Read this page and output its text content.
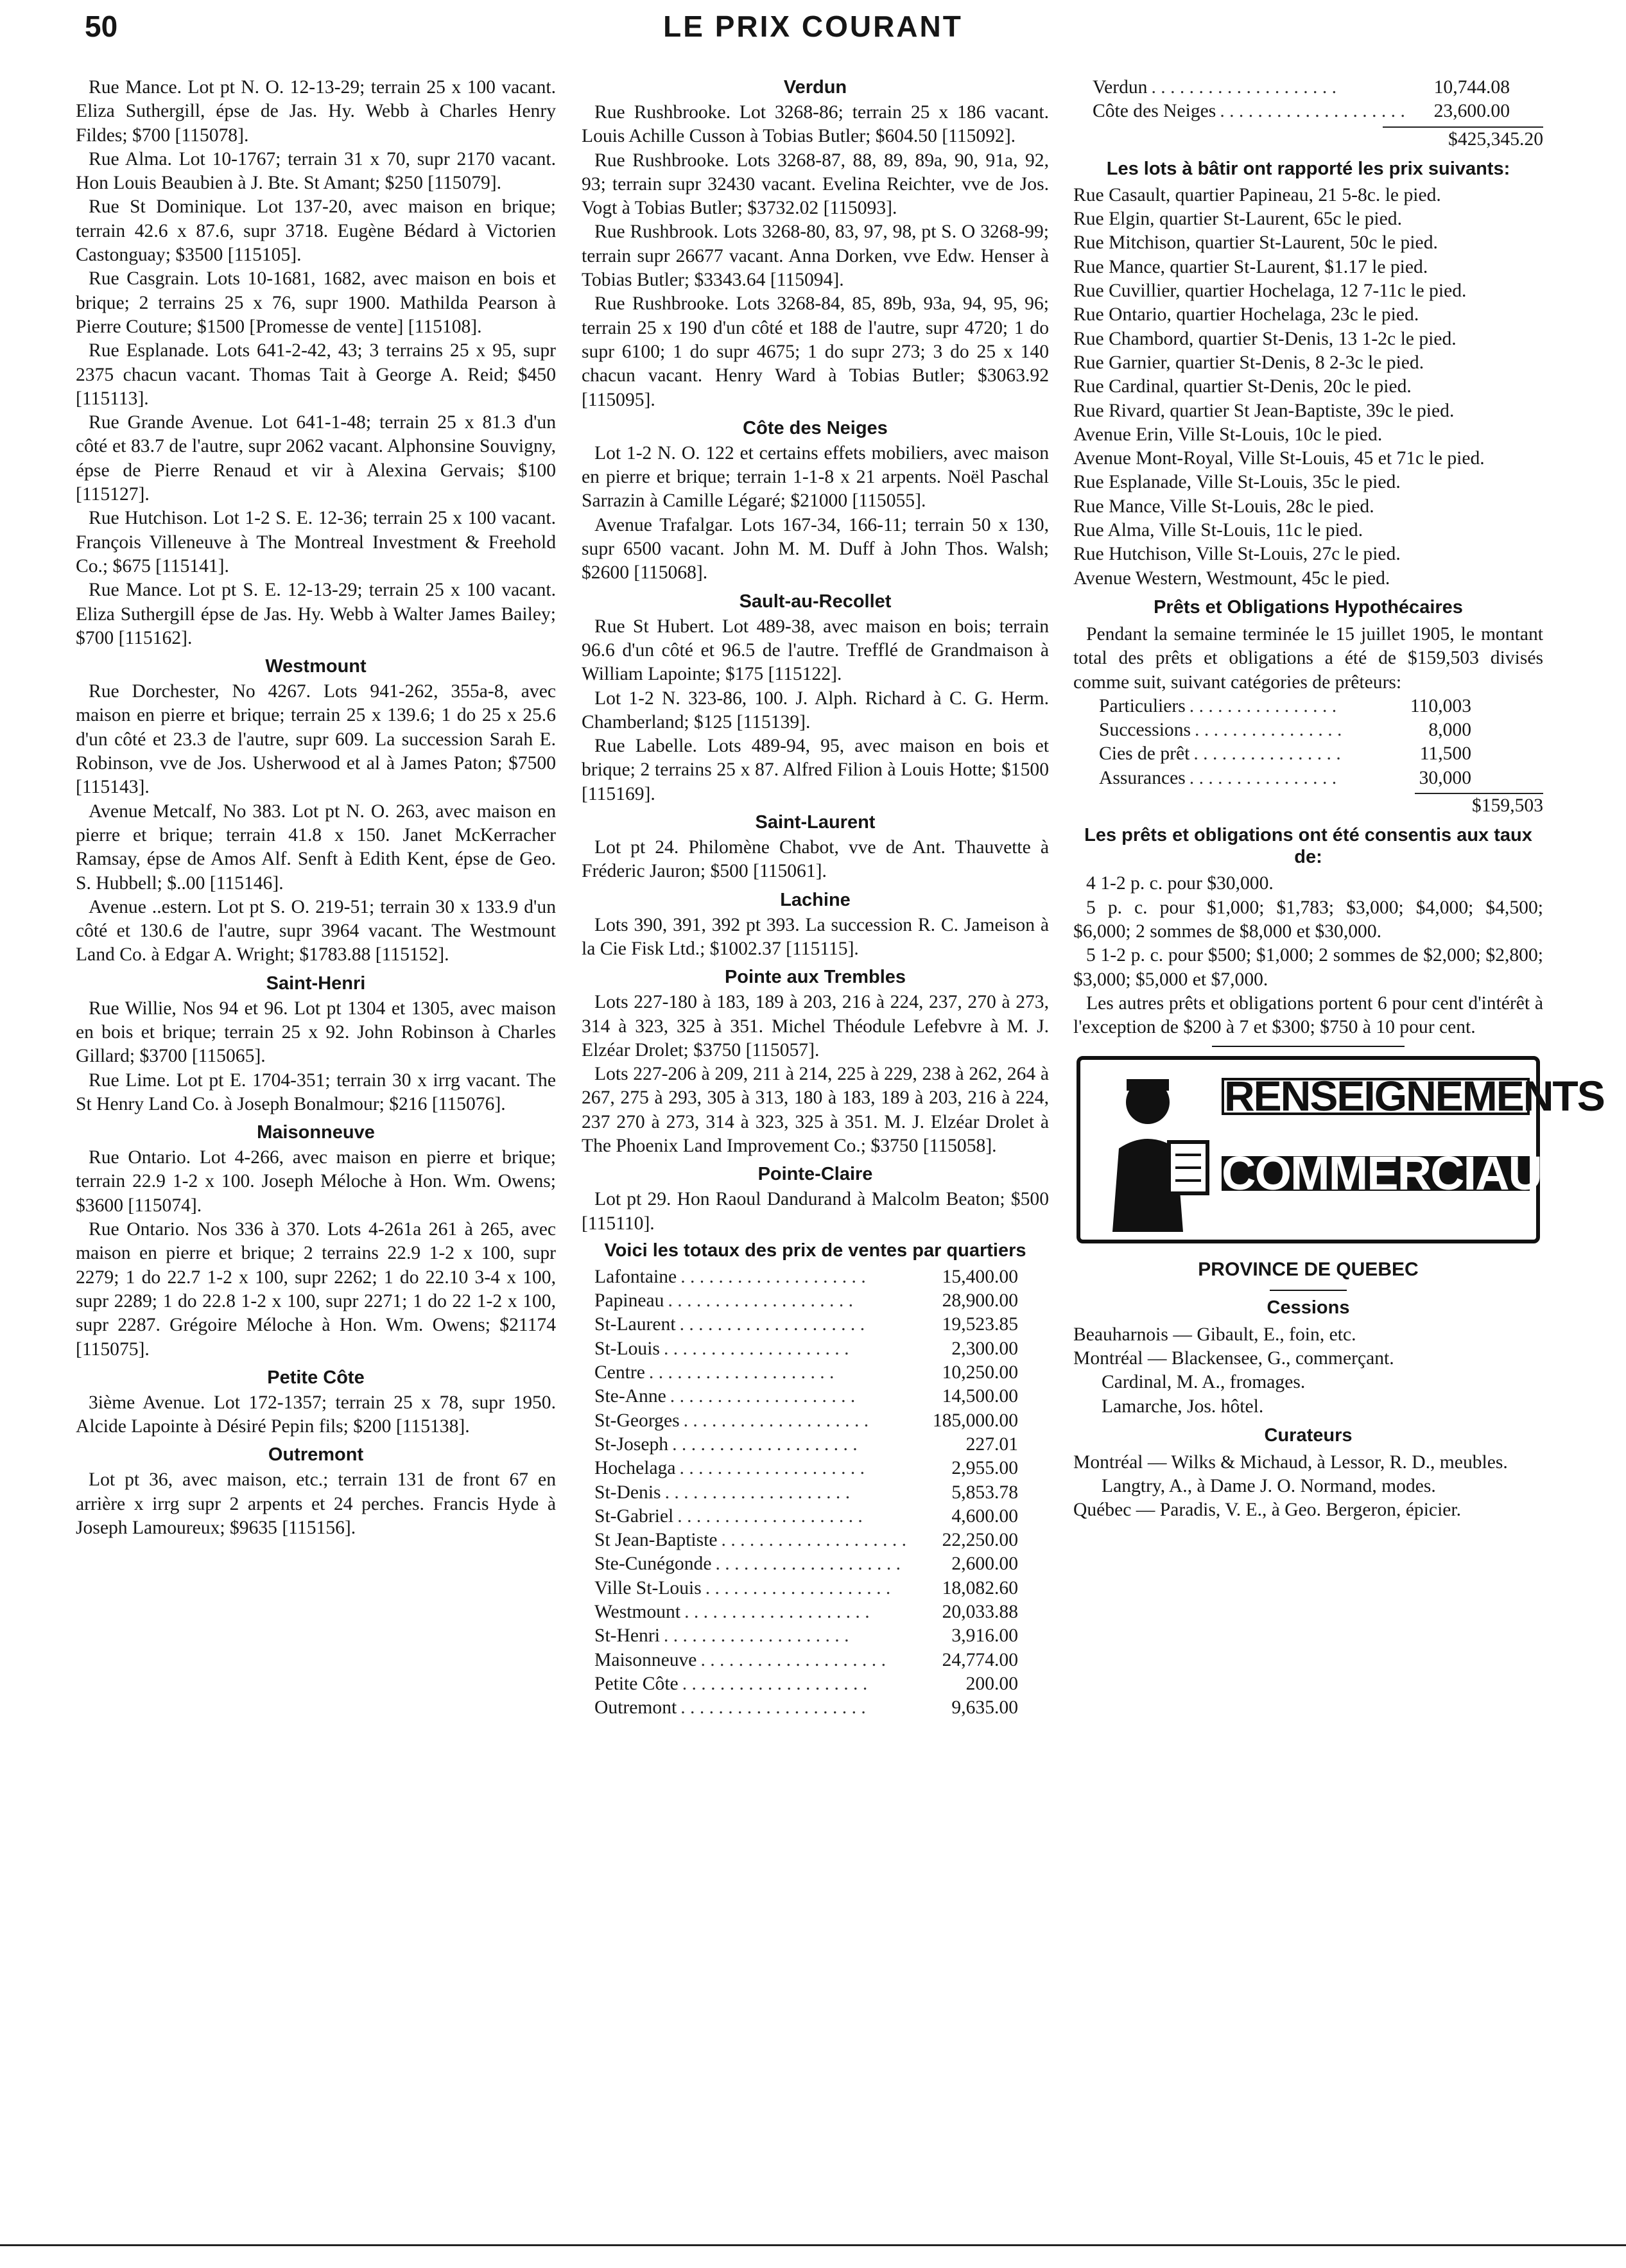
50	LE PRIX COURANT

Rue Mance. Lot pt N. O. 12-13-29; terrain 25 x 100 vacant. Eliza Suthergill, épse de Jas. Hy. Webb à Charles Henry Fildes; $700 [115078].

Rue Alma. Lot 10-1767; terrain 31 x 70, supr 2170 vacant. Hon Louis Beaubien à J. Bte. St Amant; $250 [115079].

Rue St Dominique. Lot 137-20, avec maison en brique; terrain 42.6 x 87.6, supr 3718. Eugène Bédard à Victorien Castonguay; $3500 [115105].

Rue Casgrain. Lots 10-1681, 1682, avec maison en bois et brique; 2 terrains 25 x 76, supr 1900. Mathilda Pearson à Pierre Couture; $1500 [Promesse de vente] [115108].

Rue Esplanade. Lots 641-2-42, 43; 3 terrains 25 x 95, supr 2375 chacun vacant. Thomas Tait à George A. Reid; $450 [115113].

Rue Grande Avenue. Lot 641-1-48; terrain 25 x 81.3 d'un côté et 83.7 de l'autre, supr 2062 vacant. Alphonsine Souvigny, épse de Pierre Renaud et vir à Alexina Gervais; $100 [115127].

Rue Hutchison. Lot 1-2 S. E. 12-36; terrain 25 x 100 vacant. François Villeneuve à The Montreal Investment & Freehold Co.; $675 [115141].

Rue Mance. Lot pt S. E. 12-13-29; terrain 25 x 100 vacant. Eliza Suthergill épse de Jas. Hy. Webb à Walter James Bailey; $700 [115162].

Westmount

Rue Dorchester, No 4267. Lots 941-262, 355a-8, avec maison en pierre et brique; terrain 25 x 139.6; 1 do 25 x 25.6 d'un côté et 23.3 de l'autre, supr 609. La succession Sarah E. Robinson, vve de Jos. Usherwood et al à James Paton; $7500 [115143].

Avenue Metcalf, No 383. Lot pt N. O. 263, avec maison en pierre et brique; terrain 41.8 x 150. Janet McKerracher Ramsay, épse de Amos Alf. Senft à Edith Kent, épse de Geo. S. Hubbell; $..00 [115146].

Avenue ..estern. Lot pt S. O. 219-51; terrain 30 x 133.9 d'un côté et 130.6 de l'autre, supr 3964 vacant. The Westmount Land Co. à Edgar A. Wright; $1783.88 [115152].

Saint-Henri

Rue Willie, Nos 94 et 96. Lot pt 1304 et 1305, avec maison en bois et brique; terrain 25 x 92. John Robinson à Charles Gillard; $3700 [115065].

Rue Lime. Lot pt E. 1704-351; terrain 30 x irrg vacant. The St Henry Land Co. à Joseph Bonalmour; $216 [115076].

Maisonneuve

Rue Ontario. Lot 4-266, avec maison en pierre et brique; terrain 22.9 1-2 x 100. Joseph Méloche à Hon. Wm. Owens; $3600 [115074].

Rue Ontario. Nos 336 à 370. Lots 4-261a 261 à 265, avec maison en pierre et brique; 2 terrains 22.9 1-2 x 100, supr 2279; 1 do 22.7 1-2 x 100, supr 2262; 1 do 22.10 3-4 x 100, supr 2289; 1 do 22.8 1-2 x 100, supr 2271; 1 do 22 1-2 x 100, supr 2287. Grégoire Méloche à Hon. Wm. Owens; $21174 [115075].

Petite Côte

3ième Avenue. Lot 172-1357; terrain 25 x 78, supr 1950. Alcide Lapointe à Désiré Pepin fils; $200 [115138].

Outremont

Lot pt 36, avec maison, etc.; terrain 131 de front 67 en arrière x irrg supr 2 arpents et 24 perches. Francis Hyde à Joseph Lamoureux; $9635 [115156].

Verdun

Rue Rushbrooke. Lot 3268-86; terrain 25 x 186 vacant. Louis Achille Cusson à Tobias Butler; $604.50 [115092].

Rue Rushbrooke. Lots 3268-87, 88, 89, 89a, 90, 91a, 92, 93; terrain supr 32430 vacant. Evelina Reichter, vve de Jos. Vogt à Tobias Butler; $3732.02 [115093].

Rue Rushbrook. Lots 3268-80, 83, 97, 98, pt S. O 3268-99; terrain supr 26677 vacant. Anna Dorken, vve Edw. Henser à Tobias Butler; $3343.64 [115094].

Rue Rushbrooke. Lots 3268-84, 85, 89b, 93a, 94, 95, 96; terrain 25 x 190 d'un côté et 188 de l'autre, supr 4720; 1 do supr 6100; 1 do supr 4675; 1 do supr 273; 3 do 25 x 140 chacun vacant. Henry Ward à Tobias Butler; $3063.92 [115095].

Côte des Neiges

Lot 1-2 N. O. 122 et certains effets mobiliers, avec maison en pierre et brique; terrain 1-1-8 x 21 arpents. Noël Paschal Sarrazin à Camille Légaré; $21000 [115055].

Avenue Trafalgar. Lots 167-34, 166-11; terrain 50 x 130, supr 6500 vacant. John M. M. Duff à John Thos. Walsh; $2600 [115068].

Sault-au-Recollet

Rue St Hubert. Lot 489-38, avec maison en bois; terrain 96.6 d'un côté et 96.5 de l'autre. Trefflé de Grandmaison à William Lapointe; $175 [115122].

Lot 1-2 N. 323-86, 100. J. Alph. Richard à C. G. Herm. Chamberland; $125 [115139].

Rue Labelle. Lots 489-94, 95, avec maison en bois et brique; 2 terrains 25 x 87. Alfred Filion à Louis Hotte; $1500 [115169].

Saint-Laurent

Lot pt 24. Philomène Chabot, vve de Ant. Thauvette à Fréderic Jauron; $500 [115061].

Lachine

Lots 390, 391, 392 pt 393. La succession R. C. Jameison à la Cie Fisk Ltd.; $1002.37 [115115].

Pointe aux Trembles

Lots 227-180 à 183, 189 à 203, 216 à 224, 237, 270 à 273, 314 à 323, 325 à 351. Michel Théodule Lefebvre à M. J. Elzéar Drolet; $3750 [115057].

Lots 227-206 à 209, 211 à 214, 225 à 229, 238 à 262, 264 à 267, 275 à 293, 305 à 313, 180 à 183, 189 à 203, 216 à 224, 237 270 à 273, 314 à 323, 325 à 351. M. J. Elzéar Drolet à The Phoenix Land Improvement Co.; $3750 [115058].

Pointe-Claire

Lot pt 29. Hon Raoul Dandurand à Malcolm Beaton; $500 [115110].

Voici les totaux des prix de ventes par quartiers
Lafontaine . . . . . . . . . . . . . . . . . . . .	15,400.00
Papineau . . . . . . . . . . . . . . . . . . . .	28,900.00
St-Laurent . . . . . . . . . . . . . . . . . . . .	19,523.85
St-Louis . . . . . . . . . . . . . . . . . . . .	2,300.00
Centre . . . . . . . . . . . . . . . . . . . .	10,250.00
Ste-Anne . . . . . . . . . . . . . . . . . . . .	14,500.00
St-Georges . . . . . . . . . . . . . . . . . . . .	185,000.00
St-Joseph . . . . . . . . . . . . . . . . . . . .	227.01
Hochelaga . . . . . . . . . . . . . . . . . . . .	2,955.00
St-Denis . . . . . . . . . . . . . . . . . . . .	5,853.78
St-Gabriel . . . . . . . . . . . . . . . . . . . .	4,600.00
St Jean-Baptiste . . . . . . . . . . . . . . . . . . . .	22,250.00
Ste-Cunégonde . . . . . . . . . . . . . . . . . . . .	2,600.00
Ville St-Louis . . . . . . . . . . . . . . . . . . . .	18,082.60
Westmount . . . . . . . . . . . . . . . . . . . .	20,033.88
St-Henri . . . . . . . . . . . . . . . . . . . .	3,916.00
Maisonneuve . . . . . . . . . . . . . . . . . . . .	24,774.00
Petite Côte . . . . . . . . . . . . . . . . . . . .	200.00
Outremont . . . . . . . . . . . . . . . . . . . .	9,635.00
Verdun . . . . . . . . . . . . . . . . . . . .	10,744.08
Côte des Neiges . . . . . . . . . . . . . . . . . . . .	23,600.00
$425,345.20
Les lots à bâtir ont rapporté les prix suivants:

Rue Casault, quartier Papineau, 21 5-8c. le pied.

Rue Elgin, quartier St-Laurent, 65c le pied.

Rue Mitchison, quartier St-Laurent, 50c le pied.

Rue Mance, quartier St-Laurent, $1.17 le pied.

Rue Cuvillier, quartier Hochelaga, 12 7-11c le pied.

Rue Ontario, quartier Hochelaga, 23c le pied.

Rue Chambord, quartier St-Denis, 13 1-2c le pied.

Rue Garnier, quartier St-Denis, 8 2-3c le pied.

Rue Cardinal, quartier St-Denis, 20c le pied.

Rue Rivard, quartier St Jean-Baptiste, 39c le pied.

Avenue Erin, Ville St-Louis, 10c le pied.

Avenue Mont-Royal, Ville St-Louis, 45 et 71c le pied.

Rue Esplanade, Ville St-Louis, 35c le pied.

Rue Mance, Ville St-Louis, 28c le pied.

Rue Alma, Ville St-Louis, 11c le pied.

Rue Hutchison, Ville St-Louis, 27c le pied.

Avenue Western, Westmount, 45c le pied.

Prêts et Obligations Hypothécaires

Pendant la semaine terminée le 15 juillet 1905, le montant total des prêts et obligations a été de $159,503 divisés comme suit, suivant catégories de prêteurs:

Particuliers . . . . . . . . . . . . . . . .	110,003
Successions . . . . . . . . . . . . . . . .	8,000
Cies de prêt . . . . . . . . . . . . . . . .	11,500
Assurances . . . . . . . . . . . . . . . .	30,000
$159,503
Les prêts et obligations ont été consentis aux taux de:

4 1-2 p. c. pour $30,000.

5 p. c. pour $1,000; $1,783; $3,000; $4,000; $4,500; $6,000; 2 sommes de $8,000 et $30,000.

5 1-2 p. c. pour $500; $1,000; 2 sommes de $2,000; $2,800; $3,000; $5,000 et $7,000.

Les autres prêts et obligations portent 6 pour cent d'intérêt à l'exception de $200 à 7 et $300; $750 à 10 pour cent.

RENSEIGNEMENTS
COMMERCIAUX
PROVINCE DE QUEBEC
Cessions

Beauharnois — Gibault, E., foin, etc.

Montréal — Blackensee, G., commerçant.

Cardinal, M. A., fromages.

Lamarche, Jos. hôtel.

Curateurs

Montréal — Wilks & Michaud, à Lessor, R. D., meubles.

Langtry, A., à Dame J. O. Normand, modes.

Québec — Paradis, V. E., à Geo. Bergeron, épicier.
